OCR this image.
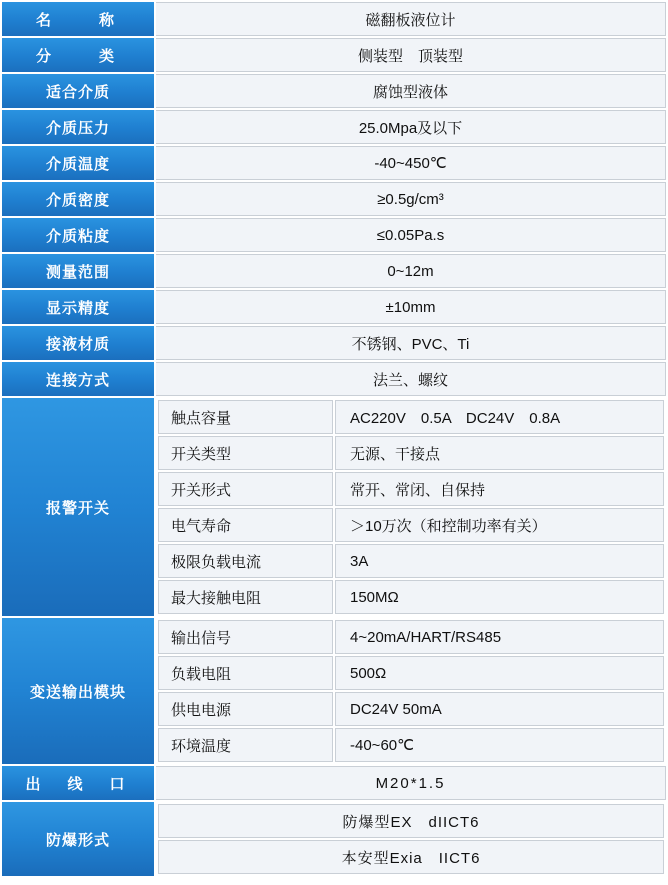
名　　称	磁翻板液位计
分　　类	侧装型　顶装型
适合介质	腐蚀型液体
介质压力	25.0Mpa及以下
介质温度	-40~450℃
介质密度	≥0.5g/cm³
介质粘度	≤0.05Pa.s
测量范围	0~12m
显示精度	±10mm
接液材质	不锈钢、PVC、Ti
连接方式	法兰、螺纹
报警开关	
触点容量	AC220V　0.5A　DC24V　0.8A
开关类型	无源、干接点
开关形式	常开、常闭、自保持
电气寿命	＞10万次（和控制功率有关）
极限负载电流	3A
最大接触电阻	150MΩ

变送输出模块	
输出信号	4~20mA/HART/RS485
负载电阻	500Ω
供电电源	DC24V 50mA
环境温度	-40~60℃

出　线　口	M20*1.5
防爆形式	
防爆型EX　dIICT6
本安型Exia　IICT6
